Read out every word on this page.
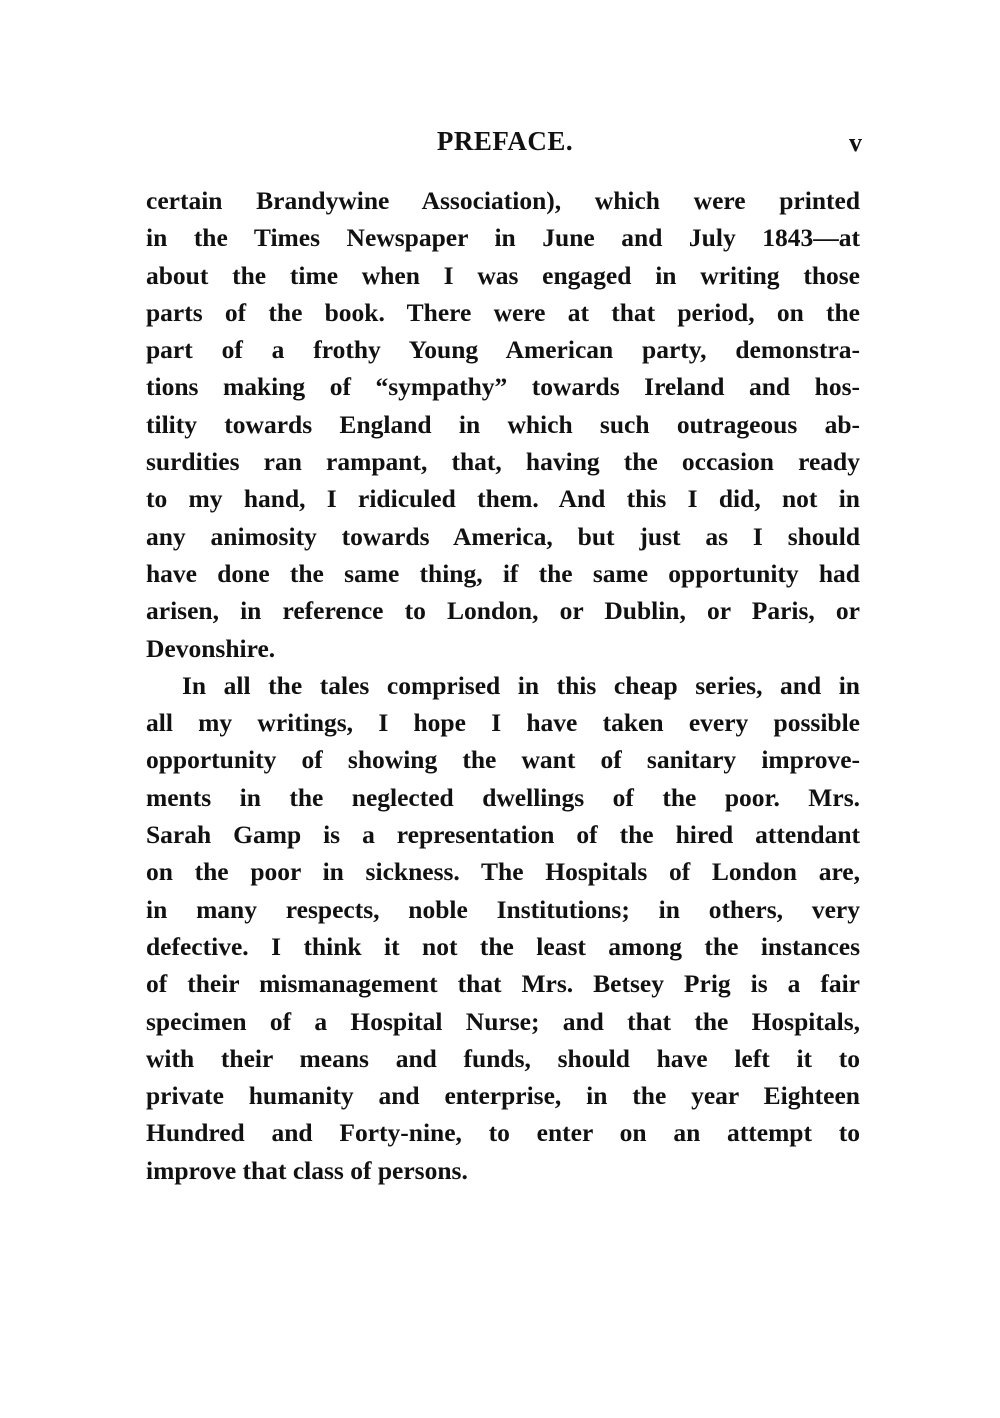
PREFACE.	v
certain Brandywine Association), which were printed
in the Times Newspaper in June and July 1843—at
about the time when I was engaged in writing those
parts of the book. There were at that period, on the
part of a frothy Young American party, demonstra-
tions making of “sympathy” towards Ireland and hos-
tility towards England in which such outrageous ab-
surdities ran rampant, that, having the occasion ready
to my hand, I ridiculed them. And this I did, not in
any animosity towards America, but just as I should
have done the same thing, if the same opportunity had
arisen, in reference to London, or Dublin, or Paris, or
Devonshire.
In all the tales comprised in this cheap series, and in
all my writings, I hope I have taken every possible
opportunity of showing the want of sanitary improve-
ments in the neglected dwellings of the poor. Mrs.
Sarah Gamp is a representation of the hired attendant
on the poor in sickness. The Hospitals of London are,
in many respects, noble Institutions; in others, very
defective. I think it not the least among the instances
of their mismanagement that Mrs. Betsey Prig is a fair
specimen of a Hospital Nurse; and that the Hospitals,
with their means and funds, should have left it to
private humanity and enterprise, in the year Eighteen
Hundred and Forty-nine, to enter on an attempt to
improve that class of persons.
